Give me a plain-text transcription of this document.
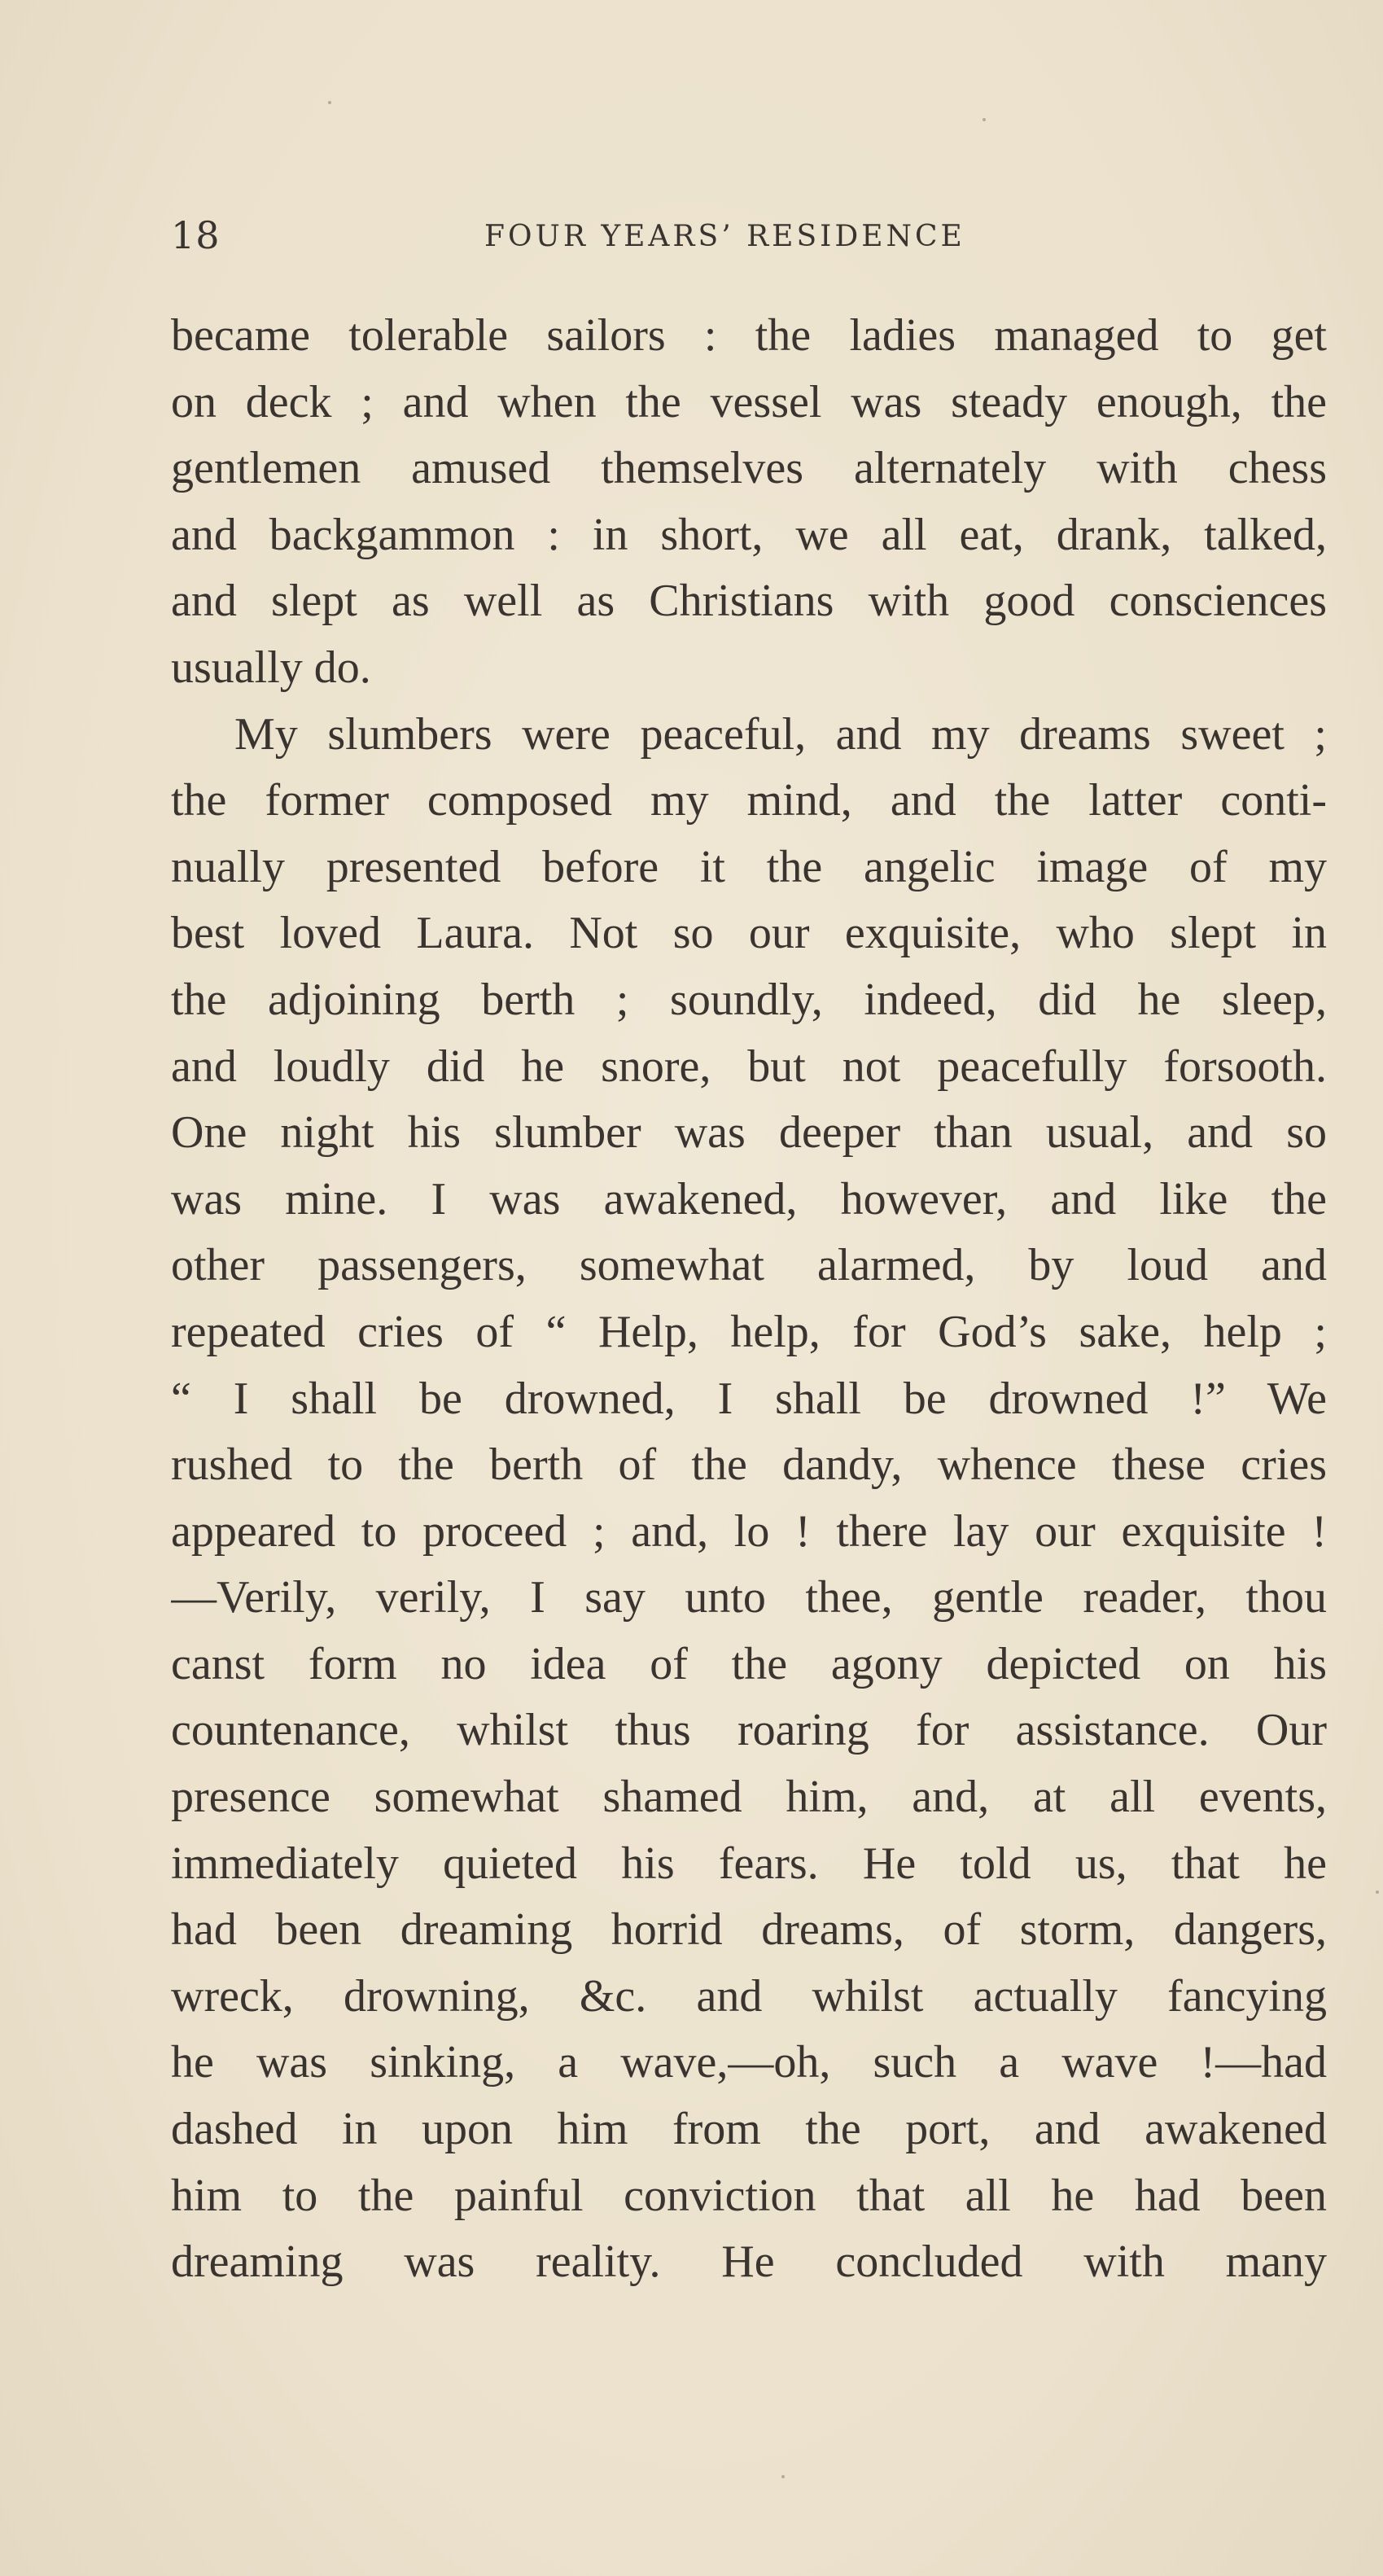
18	FOUR YEARS’ RESIDENCE
became tolerable sailors : the ladies managed to get
on deck ; and when the vessel was steady enough, the
gentlemen amused themselves alternately with chess
and backgammon : in short, we all eat, drank, talked,
and slept as well as Christians with good consciences
usually do.
My slumbers were peaceful, and my dreams sweet ;
the former composed my mind, and the latter conti-
nually presented before it the angelic image of my
best loved Laura. Not so our exquisite, who slept in
the adjoining berth ; soundly, indeed, did he sleep,
and loudly did he snore, but not peacefully forsooth.
One night his slumber was deeper than usual, and so
was mine. I was awakened, however, and like the
other passengers, somewhat alarmed, by loud and
repeated cries of “ Help, help, for God’s sake, help ;
“ I shall be drowned, I shall be drowned !” We
rushed to the berth of the dandy, whence these cries
appeared to proceed ; and, lo ! there lay our exquisite !
—Verily, verily, I say unto thee, gentle reader, thou
canst form no idea of the agony depicted on his
countenance, whilst thus roaring for assistance. Our
presence somewhat shamed him, and, at all events,
immediately quieted his fears. He told us, that he
had been dreaming horrid dreams, of storm, dangers,
wreck, drowning, &c. and whilst actually fancying
he was sinking, a wave,—oh, such a wave !—had
dashed in upon him from the port, and awakened
him to the painful conviction that all he had been
dreaming was reality. He concluded with many
